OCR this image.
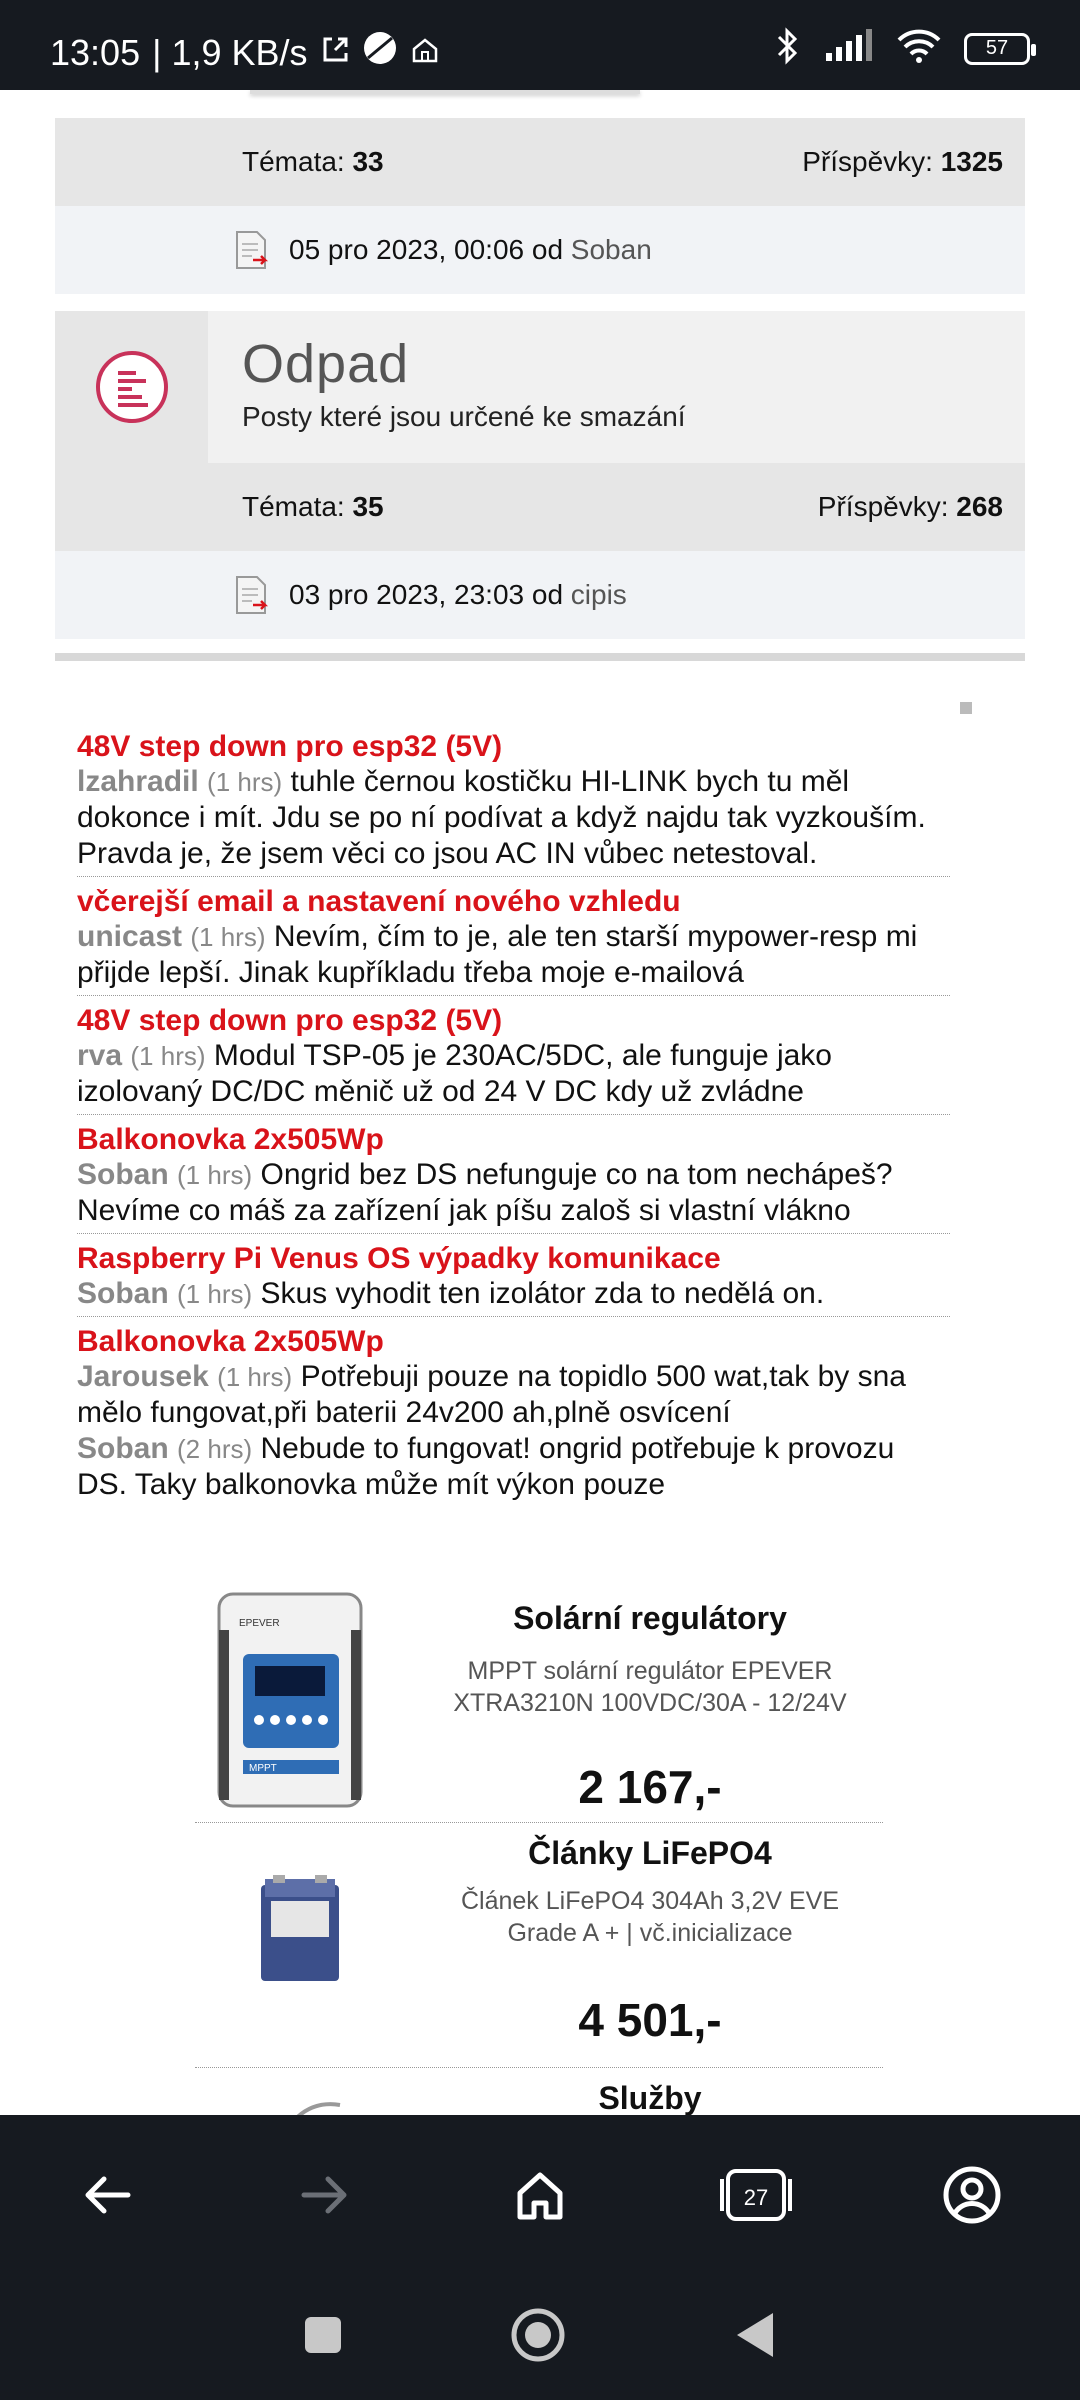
13:05 | 1,9 KB/s	57
Témata: 33	Příspěvky: 1325
05 pro 2023, 00:06 od Soban
Odpad
Posty které jsou určené ke smazání
Témata: 35	Příspěvky: 268
03 pro 2023, 23:03 od cipis
48V step down pro esp32 (5V)
lzahradil (1 hrs) tuhle černou kostičku HI-LINK bych tu měl dokonce i mít. Jdu se po ní podívat a když najdu tak vyzkouším. Pravda je, že jsem věci co jsou AC IN vůbec netestoval.
včerejší email a nastavení nového vzhledu
unicast (1 hrs) Nevím, čím to je, ale ten starší mypower-resp mi přijde lepší. Jinak kupříkladu třeba moje e-mailová
48V step down pro esp32 (5V)
rva (1 hrs) Modul TSP-05 je 230AC/5DC, ale funguje jako izolovaný DC/DC měnič už od 24 V DC kdy už zvládne
Balkonovka 2x505Wp
Soban (1 hrs) Ongrid bez DS nefunguje co na tom nechápeš? Nevíme co máš za zařízení jak píšu zaloš si vlastní vlákno
Raspberry Pi Venus OS výpadky komunikace
Soban (1 hrs) Skus vyhodit ten izolátor zda to nedělá on.
Balkonovka 2x505Wp
Jarousek (1 hrs) Potřebuji pouze na topidlo 500 wat,tak by sna mělo fungovat,při baterii 24v200 ah,plně osvícení
Soban (2 hrs) Nebude to fungovat! ongrid potřebuje k provozu DS. Taky balkonovka může mít výkon pouze
EPEVER
MPPT
Solární regulátory
MPPT solární regulátor EPEVER XTRA3210N 100VDC/30A - 12/24V
2 167,-
Články LiFePO4
Článek LiFePO4 304Ah 3,2V EVE Grade A + | vč.inicializace
4 501,-
Služby
27
